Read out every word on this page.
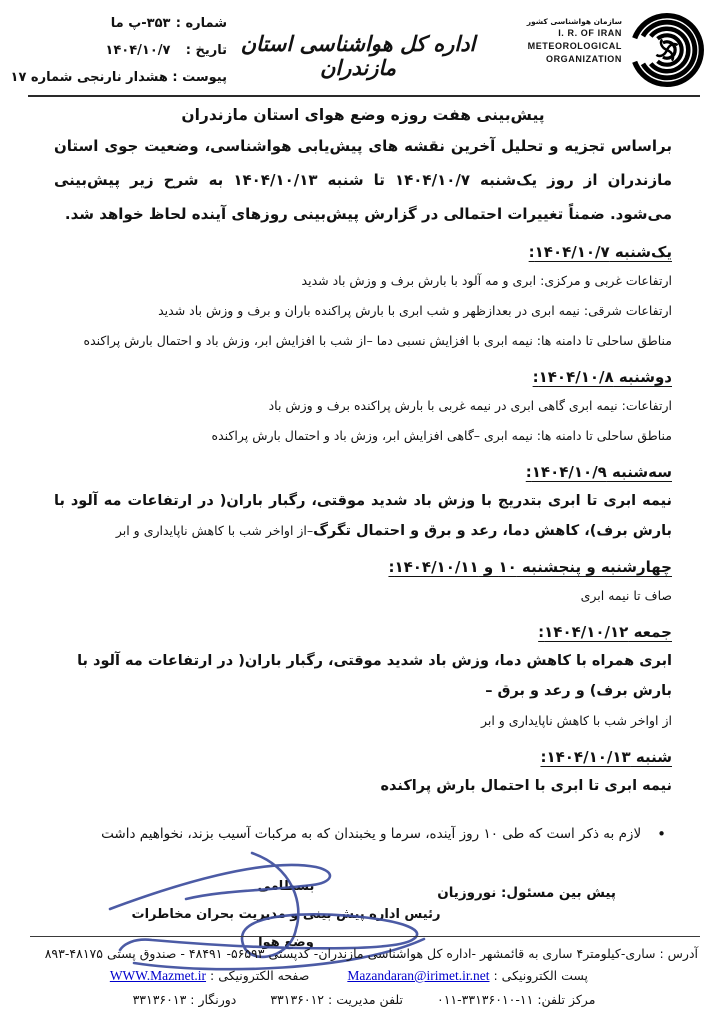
شماره : ۳۵۳-پ ما
تاریخ : ۱۴۰۴/۱۰/۷
پیوست : هشدار نارنجی شماره ۱۷
اداره کل هواشناسی استان مازندران
سازمان هواشناسی کشور
I. R. OF IRAN
METEOROLOGICAL
ORGANIZATION
پیش‌بینی هفت روزه وضع هوای استان مازندران
براساس تجزیه و تحلیل آخرین نقشه های پیش‌یابی هواشناسی، وضعیت جوی استان مازندران از روز یک‌شنبه ۱۴۰۴/۱۰/۷ تا شنبه ۱۴۰۴/۱۰/۱۳ به شرح زیر پیش‌بینی می‌شود. ضمناً تغییرات احتمالی در گزارش پیش‌بینی روزهای آینده لحاظ خواهد شد.
یک‌شنبه ۱۴۰۴/۱۰/۷:
ارتفاعات غربی و مرکزی: ابری و مه آلود با بارش برف و وزش باد شدید
ارتفاعات شرقی: نیمه ابری در بعدازظهر و شب ابری با بارش پراکنده باران و برف و وزش باد شدید
مناطق ساحلی تا دامنه ها: نیمه ابری با افزایش نسبی دما –از شب با افزایش ابر، وزش باد و احتمال بارش پراکنده
دوشنبه ۱۴۰۴/۱۰/۸:
ارتفاعات: نیمه ابری گاهی ابری در نیمه غربی با بارش پراکنده برف و وزش باد
مناطق ساحلی تا دامنه ها: نیمه ابری –گاهی افزایش ابر، وزش باد و احتمال بارش پراکنده
سه‌شنبه ۱۴۰۴/۱۰/۹:
نیمه ابری تا ابری بتدریج با وزش باد شدید موقتی، رگبار باران( در ارتفاعات مه آلود با بارش برف)، کاهش دما، رعد و برق و احتمال تگرگ–از اواخر شب با کاهش ناپایداری و ابر
چهارشنبه و پنجشنبه ۱۰ و ۱۴۰۴/۱۰/۱۱:
صاف تا نیمه ابری
جمعه ۱۴۰۴/۱۰/۱۲:
ابری همراه با کاهش دما، وزش باد شدید موقتی، رگبار باران( در ارتفاعات مه آلود با بارش برف) و رعد و برق –
از اواخر شب با کاهش ناپایداری و ابر
شنبه ۱۴۰۴/۱۰/۱۳:
نیمه ابری تا ابری با احتمال بارش پراکنده
•
لازم به ذکر است که طی ۱۰ روز آینده، سرما و یخبندان که به مرکبات آسیب بزند، نخواهیم داشت
پیش بین مسئول: نوروزیان
بسطامی
رئیس اداره پیش بینی و مدیریت بحران مخاطرات وضع هوا
آدرس : ساری-کیلومتر۴ ساری به قائمشهر -اداره کل هواشناسی مازندران- کدپستی ۵۶۵۹۳- ۴۸۴۹۱ - صندوق پستی ۴۸۱۷۵-۸۹۳
پست الکترونیکی : Mazandaran@irimet.ir.net صفحه الکترونیکی : WWW.Mazmet.ir
مرکز تلفن: ۱۱-۳۳۱۳۶۰۱۰-۰۱۱  تلفن مدیریت : ۳۳۱۳۶۰۱۲  دورنگار : ۳۳۱۳۶۰۱۳
